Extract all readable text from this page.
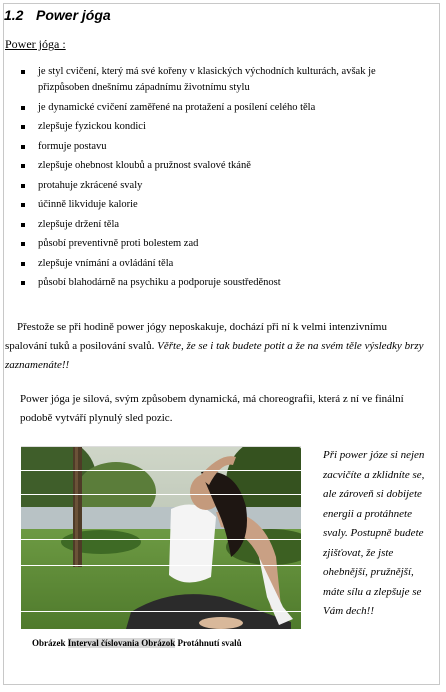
1.2 Power jóga
Power jóga :
je styl cvičení, který má své kořeny v klasických východních kulturách, avšak je přizpůsoben dnešnímu západnímu životnímu stylu
je dynamické cvičení zaměřené na protažení a posílení celého těla
zlepšuje fyzickou kondici
formuje postavu
zlepšuje ohebnost kloubů a pružnost svalové tkáně
protahuje zkrácené svaly
účinně likviduje kalorie
zlepšuje držení těla
působí preventivně proti bolestem zad
zlepšuje vnímání a ovládání těla
působí blahodárně na psychiku a podporuje soustředěnost
Přestože se při hodině power jógy neposkakuje, dochází při ní k velmi intenzivnímu spalování tuků a posilování svalů. Věřte, že se i tak budete potit a že na svém těle výsledky brzy zaznamenáte!!
Power jóga je silová, svým způsobem dynamická, má choreografii, která z ní ve finální podobě vytváří plynulý sled pozic.
Při power józe si nejen zacvičíte a zklidníte se, ale zároveň si dobijete energii a protáhnete svaly. Postupně budete zjišťovat, že jste ohebnější, pružnější, máte sílu a zlepšuje se Vám dech!!
Obrázek Interval číslovania Obrázok Protáhnutí svalů
